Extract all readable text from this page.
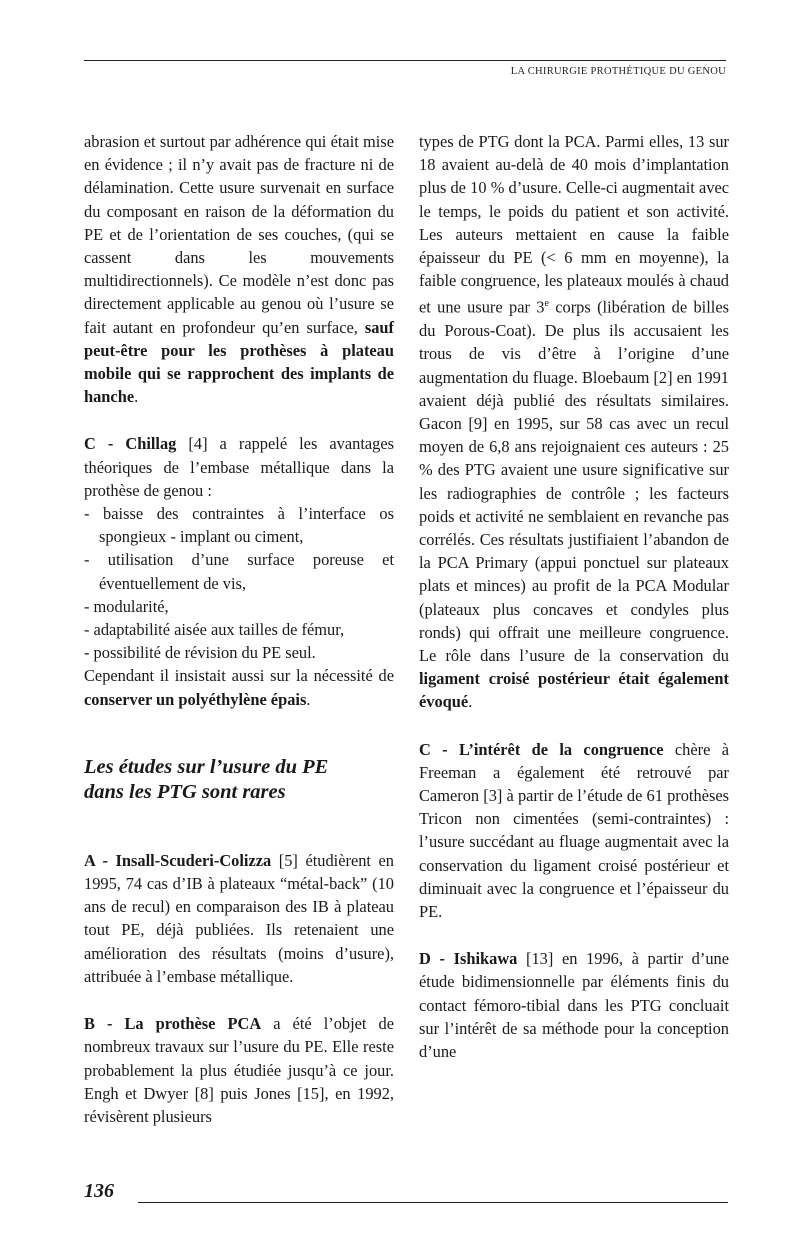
LA CHIRURGIE PROTHÉTIQUE DU GENOU

abrasion et surtout par adhérence qui était mise en évidence ; il n’y avait pas de fracture ni de délamination. Cette usure survenait en surface du composant en raison de la déformation du PE et de l’orientation de ses couches, (qui se cassent dans les mouvements multidirectionnels). Ce modèle n’est donc pas directement applicable au genou où l’usure se fait autant en profondeur qu’en surface, sauf peut-être pour les prothèses à plateau mobile qui se rapprochent des implants de hanche.

C - Chillag [4] a rappelé les avantages théoriques de l’embase métallique dans la prothèse de genou :

- baisse des contraintes à l’interface os spongieux - implant ou ciment,
- utilisation d’une surface poreuse et éventuellement de vis,
- modularité,
- adaptabilité aisée aux tailles de fémur,
- possibilité de révision du PE seul.

Cependant il insistait aussi sur la nécessité de conserver un polyéthylène épais.

Les études sur l’usure du PE
dans les PTG sont rares

A - Insall-Scuderi-Colizza [5] étudièrent en 1995, 74 cas d’IB à plateaux “métal-back” (10 ans de recul) en comparaison des IB à plateau tout PE, déjà publiées. Ils retenaient une amélioration des résultats (moins d’usure), attribuée à l’embase métallique.

B - La prothèse PCA a été l’objet de nombreux travaux sur l’usure du PE. Elle reste probablement la plus étudiée jusqu’à ce jour. Engh et Dwyer [8] puis Jones [15], en 1992, révisèrent plusieurs

types de PTG dont la PCA. Parmi elles, 13 sur 18 avaient au-delà de 40 mois d’implantation plus de 10 % d’usure. Celle-ci augmentait avec le temps, le poids du patient et son activité. Les auteurs mettaient en cause la faible épaisseur du PE (< 6 mm en moyenne), la faible congruence, les plateaux moulés à chaud et une usure par 3e corps (libération de billes du Porous-Coat). De plus ils accusaient les trous de vis d’être à l’origine d’une augmentation du fluage. Bloebaum [2] en 1991 avaient déjà publié des résultats similaires. Gacon [9] en 1995, sur 58 cas avec un recul moyen de 6,8 ans rejoignaient ces auteurs : 25 % des PTG avaient une usure significative sur les radiographies de contrôle ; les facteurs poids et activité ne semblaient en revanche pas corrélés. Ces résultats justifiaient l’abandon de la PCA Primary (appui ponctuel sur plateaux plats et minces) au profit de la PCA Modular (plateaux plus concaves et condyles plus ronds) qui offrait une meilleure congruence. Le rôle dans l’usure de la conservation du ligament croisé postérieur était également évoqué.

C - L’intérêt de la congruence chère à Freeman a également été retrouvé par Cameron [3] à partir de l’étude de 61 prothèses Tricon non cimentées (semi-contraintes) : l’usure succédant au fluage augmentait avec la conservation du ligament croisé postérieur et diminuait avec la congruence et l’épaisseur du PE.

D - Ishikawa [13] en 1996, à partir d’une étude bidimensionnelle par éléments finis du contact fémoro-tibial dans les PTG concluait sur l’intérêt de sa méthode pour la conception d’une

136
